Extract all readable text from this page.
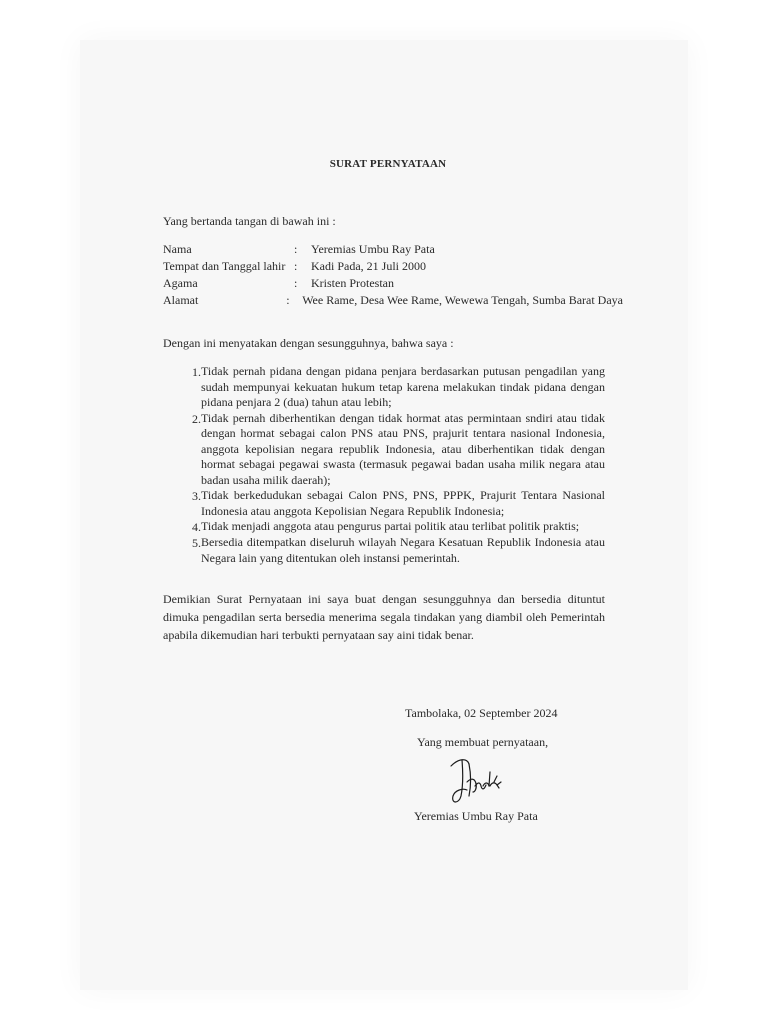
SURAT PERNYATAAN
Yang bertanda tangan di bawah ini :
Nama	:	Yeremias Umbu Ray Pata
Tempat dan Tanggal lahir :	Kadi Pada, 21 Juli 2000
Agama	:	Kristen Protestan
Alamat	:	Wee Rame, Desa Wee Rame, Wewewa Tengah, Sumba Barat Daya
Dengan ini menyatakan dengan sesungguhnya, bahwa saya :
1. Tidak pernah pidana dengan pidana penjara berdasarkan putusan pengadilan yang sudah mempunyai kekuatan hukum tetap karena melakukan tindak pidana dengan pidana penjara 2 (dua) tahun atau lebih;
2. Tidak pernah diberhentikan dengan tidak hormat atas permintaan sndiri atau tidak dengan hormat sebagai calon PNS atau PNS, prajurit tentara nasional Indonesia, anggota kepolisian negara republik Indonesia, atau diberhentikan tidak dengan hormat sebagai pegawai swasta (termasuk pegawai badan usaha milik negara atau badan usaha milik daerah);
3. Tidak berkedudukan sebagai Calon PNS, PNS, PPPK, Prajurit Tentara Nasional Indonesia atau anggota Kepolisian Negara Republik Indonesia;
4. Tidak menjadi anggota atau pengurus partai politik atau terlibat politik praktis;
5. Bersedia ditempatkan diseluruh wilayah Negara Kesatuan Republik Indonesia atau Negara lain yang ditentukan oleh instansi pemerintah.
Demikian Surat Pernyataan ini saya buat dengan sesungguhnya dan bersedia dituntut dimuka pengadilan serta bersedia menerima segala tindakan yang diambil oleh Pemerintah apabila dikemudian hari terbukti pernyataan say aini tidak benar.
Tambolaka, 02 September 2024
Yang membuat pernyataan,
Yeremias Umbu Ray Pata
